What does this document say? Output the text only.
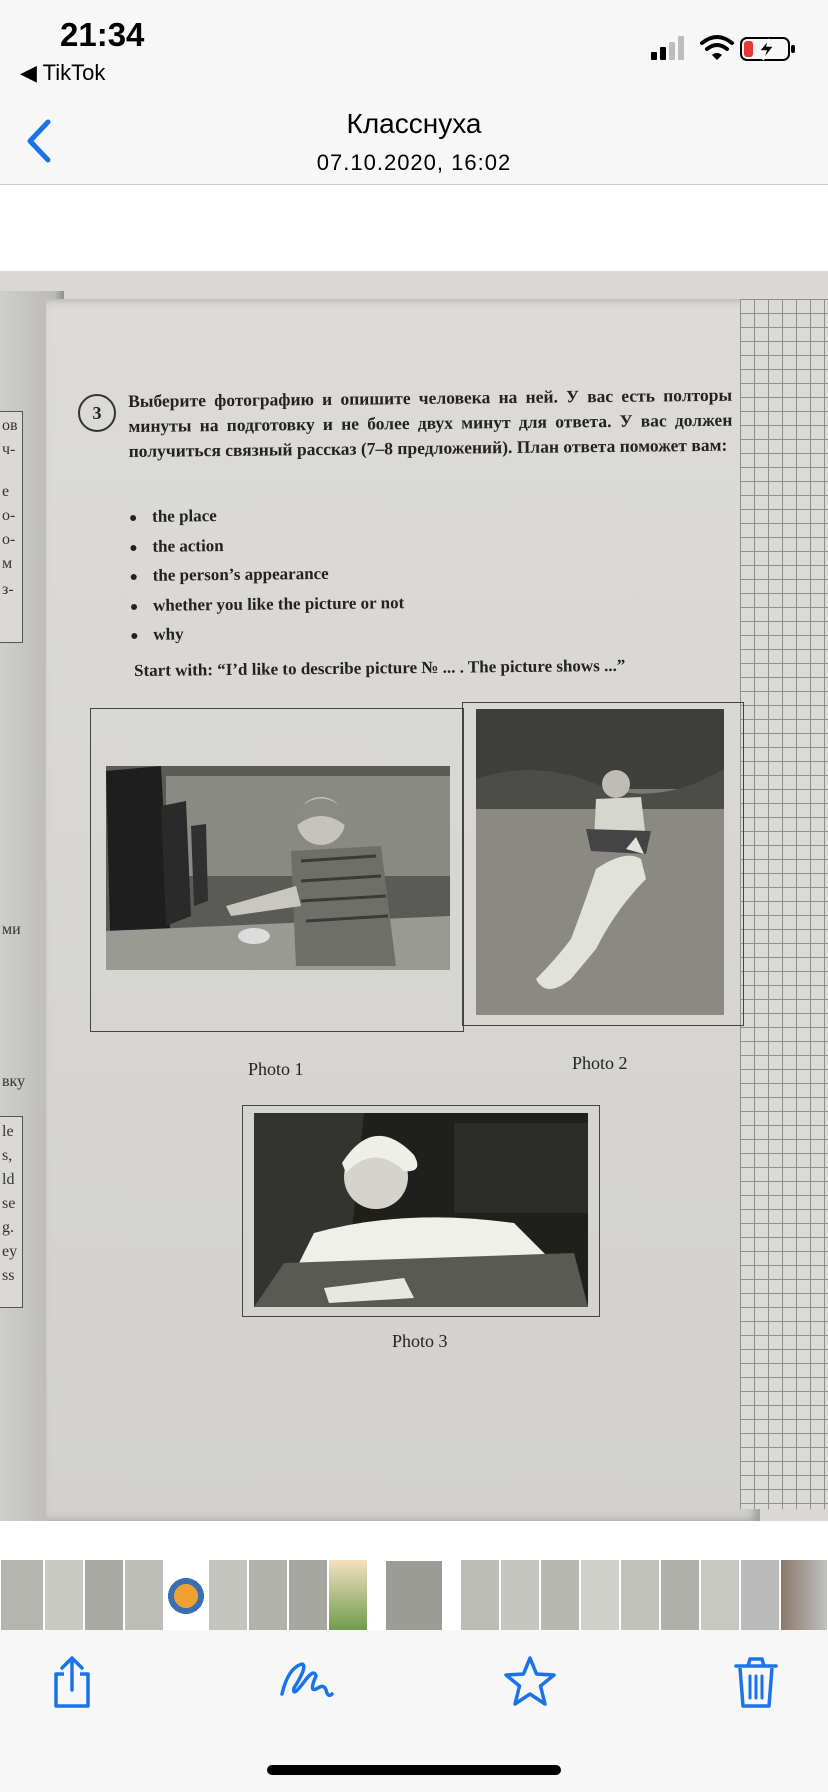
21:34
◀ TikTok
Класснуха
07.10.2020, 16:02
ов
ч-
е
о-
о-
м
з-
ми
вку
le
s,
ld
se
g.
ey
ss
3
Выберите фотографию и опишите человека на ней. У вас есть полторы минуты на подготовку и не более двух минут для ответа. У вас должен получиться связный рассказ (7–8 предложений). План ответа поможет вам:
the place
the action
the person’s appearance
whether you like the picture or not
why
Start with: “I’d like to describe picture № ... . The picture shows ...”
Photo 1	Photo 2
Photo 3
